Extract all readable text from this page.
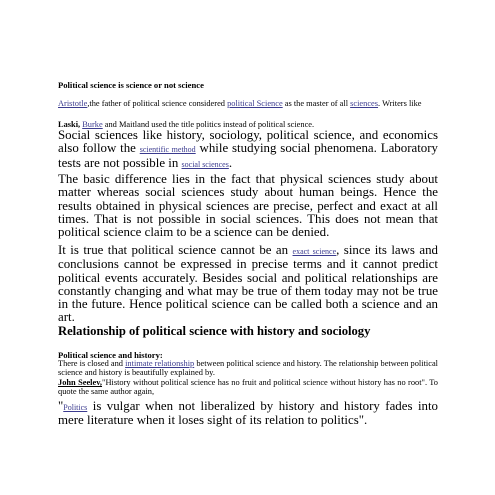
Political science is science or not science
Aristotle,the father of political science considered political Science as the master of all sciences. Writers like
Laski, Burke and Maitland used the title politics instead of political science.
Social sciences like history, sociology, political science, and economics also follow the scientific method while studying social phenomena. Laboratory tests are not possible in social sciences.
The basic difference lies in the fact that physical sciences study about matter whereas social sciences study about human beings. Hence the results obtained in physical sciences are precise, perfect and exact at all times. That is not possible in social sciences. This does not mean that political science claim to be a science can be denied.
It is true that political science cannot be an exact science, since its laws and conclusions cannot be expressed in precise terms and it cannot predict political events accurately. Besides social and political relationships are constantly changing and what may be true of them today may not be true in the future. Hence political science can be called both a science and an art.
Relationship of political science with history and sociology
Political science and history:
There is closed and intimate relationship between political science and history. The relationship between political science and history is beautifully explained by.
John Seelev,"History without political science has no fruit and political science without history has no root". To quote the same author again,
"Politics is vulgar when not liberalized by history and history fades into mere literature when it loses sight of its relation to politics".
